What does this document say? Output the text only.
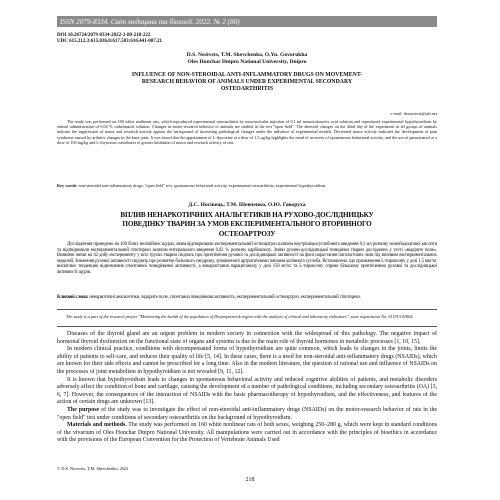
ISSN 2079-8334. Світ медицини та біології. 2022. № 2 (80)
DOI 10.26724/2079-8334-2022-2-80-218-222
UDC 615.212.3:615.036.8:617.583:616.441-007.21
D.S. Nosivets, T.M. Shevchenko, O.Yu. Govorukha
Oles Honchar Dnipro National University, Dnipro
INFLUENCE OF NON-STEROIDAL ANTI-INFLAMMATORY DRUGS ON MOVEMENT-
RESEARCH BEHAVIOR OF ANIMALS UNDER EXPERIMENTAL SECONDARY
OSTEOARTHRITIS
e-mail: dsnosivets@ukr.net
The study was performed on 160 white nonlinear rats, which reproduced experimental osteoarthritis by intra-articular injection of 0.1 ml monoiodoacetic acid solution and reproduced experimental hypothyroidism by enteral administration of 0.02 % carbimazole solution. Changes in motor-research behavior of animals are studied in the test "open field". The detected changes on the 42nd day of the experiment in all groups of animals indicate the suppression of motor and research activity against the background of increasing pathological changes under the influence of experimental models. Decreased motor activity indicates the development of pain syndrome caused by arthritic changes in the knee joint. It was found that the appointment of L-thyroxine at a dose of 1.5 µg/kg highlights the trend of recovery of spontaneous behavioral activity, and the use of paracetamol at a dose of 150 mg/kg and L-thyroxine contributes to greater inhibition of motor and research activity of rats.
Key words: non-steroidal anti-inflammatory drugs, "open field" test, spontaneous behavioral activity, experimental osteoarthritis, experimental hypothyroidism.
Д.С. Носівець, Т.М. Шевченко, О.Ю. Говоруха
ВПЛИВ НЕНАРКОТИЧНИХ АНАЛЬГЕТИКІВ НА РУХОВО-ДОСЛІДНИЦЬКУ
ПОВЕДІНКУ ТВАРИН ЗА УМОВ ЕКСПЕРИМЕНТАЛЬНОГО ВТОРИННОГО
ОСТЕОАРТРОЗУ
Дослідження проведено на 160 білих нелінійних щурах, яким відтворювали експериментальний остеоартроз шляхом внутрішньосуглобового введення 0,1 мл розчину монойодоцтової кислоти та відтворювали експериментальний гіпотиреоз шляхом ентерального введення 0,02 % розчину карбімазолу. Змiни рухово-дослідницької поведінки тварин досліджено у тесті «відкрите поле». Виявлені зміни на 42 добу експерименту у всіх групах тварин свідчать про пригнічення рухової та дослідницької активності на фоні наростання патологічних змін під впливом експериментальних моделей. Зниження рухової активності свідчить про розвиток больового синдрому, зумовленого артритичними змінами колінного суглоба. Встановлено, що призначення L-тироксину у дозі 1,5 мкг/кг висвітлює тенденцію відновлення спонтанної поведінкової активності, а використання парацетамолу у дозі 150 мг/кг та L-тироксину сприяє більшому пригніченню рухової та дослідницької активності щурів.
Ключові слова: ненаркотичні анальгетики, відкрите поле, спонтанна поведінкова активність, експериментальний остеоартроз, експериментальний гіпотиреоз.
The study is a part of the research project "Monitoring the health of the population of Dnipropetrovsk region with the analysis of clinical and laboratory indicators", state registration No. 0119U101864.

Diseases of the thyroid gland are an urgent problem in modern society in connection with the widespread of this pathology. The negative impact of hormonal thyroid dysfunction on the functional state of organs and systems is due to the main role of thyroid hormones in metabolic processes [1, 10, 15].

In modern clinical practice, conditions with decompensated forms of hypothyroidism are quite common, which leads to changes in the joints, limits the ability of patients to self-care, and reduces their quality of life [5, 14]. In these cases, there is a need for non-steroidal anti-inflammatory drugs (NSAIDs), which are known for their side effects and cannot be prescribed for a long time. Also in the modern literature, the question of rational use and influence of NSAIDs on the processes of joint metabolism in hypothyroidism is not revealed [9, 11, 12].

It is known that hypothyroidism leads to changes in spontaneous behavioral activity and reduced cognitive abilities of patients, and metabolic disorders adversely affect the condition of bone and cartilage, causing the development of a number of pathological conditions, including secondary osteoarthritis (OA) [3, 6, 7]. However, the consequences of the interaction of NSAIDs with the basic pharmacotherapy of hypothyroidism, and the effectiveness, and features of the action of certain drugs are unknown [13].

The purpose of the study was to investigate the effect of non-steroidal anti-inflammatory drugs (NSAIDs) on the motor-research behavior of rats in the "open field" test under conditions of secondary osteoarthritis on the background of hypothyroidism.

Materials and methods. The study was performed on 160 white nonlinear rats of both sexes, weighing 250–280 g, which were kept in standard conditions of the vivarium of Oles Honchar Dnipro National University. All manipulations were carried out in accordance with the principles of bioethics in accordance with the provisions of the European Convention for the Protection of Vertebrate Animals Used

© D.S. Nosivets, T.M. Shevchenko, 2022
218
